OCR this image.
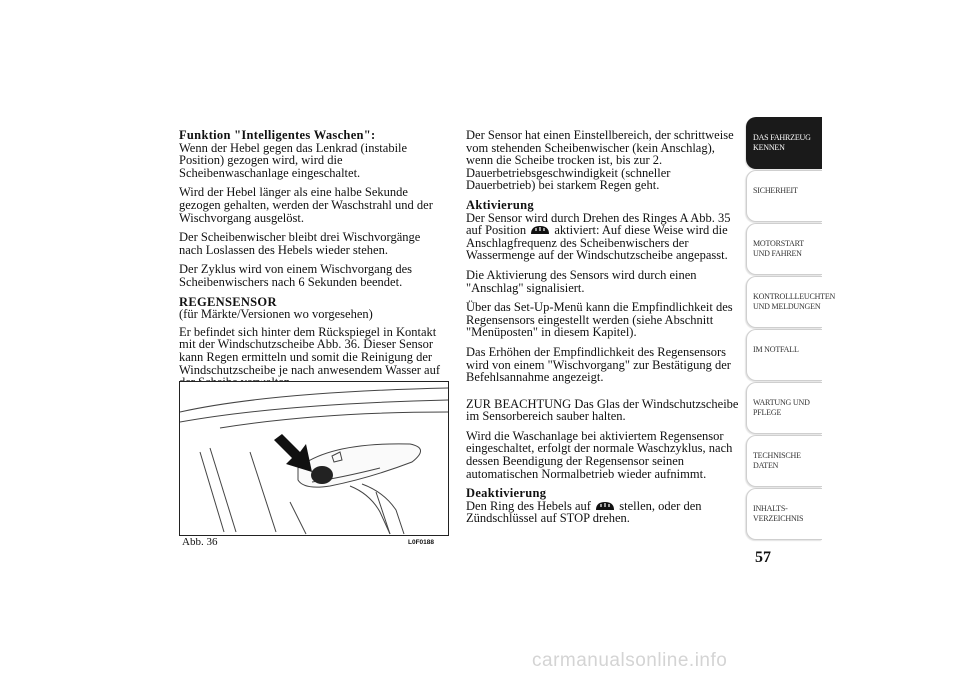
Funktion "Intelligentes Waschen":

Wenn der Hebel gegen das Lenkrad (instabile Position) gezogen wird, wird die Scheibenwaschanlage eingeschaltet.

Wird der Hebel länger als eine halbe Sekunde gezogen gehalten, werden der Waschstrahl und der Wischvorgang ausgelöst.

Der Scheibenwischer bleibt drei Wischvorgänge nach Loslassen des Hebels wieder stehen.

Der Zyklus wird von einem Wischvorgang des Scheibenwischers nach 6 Sekunden beendet.

REGENSENSOR

(für Märkte/Versionen wo vorgesehen)

Er befindet sich hinter dem Rückspiegel in Kontakt mit der Windschutzscheibe Abb. 36. Dieser Sensor kann Regen ermitteln und somit die Reinigung der Windschutzscheibe je nach anwesendem Wasser auf

Abb. 36	L0F0188

Der Sensor hat einen Einstellbereich, der schrittweise vom stehenden Scheibenwischer (kein Anschlag), wenn die Scheibe trocken ist, bis zur 2. Dauerbetriebsgeschwindigkeit (schneller Dauerbetrieb) bei starkem Regen geht.

Aktivierung

Der Sensor wird durch Drehen des Ringes A Abb. 35 auf Position aktiviert: Auf diese Weise wird die Anschlagfrequenz des Scheibenwischers der Wassermenge auf der Windschutzscheibe angepasst.

Die Aktivierung des Sensors wird durch einen "Anschlag" signalisiert.

Über das Set-Up-Menü kann die Empfindlichkeit des Regensensors eingestellt werden (siehe Abschnitt "Menüposten" in diesem Kapitel).

Das Erhöhen der Empfindlichkeit des Regensensors wird von einem "Wischvorgang" zur Bestätigung der Befehlsannahme angezeigt.

ZUR BEACHTUNG Das Glas der Windschutzscheibe im Sensorbereich sauber halten.

Wird die Waschanlage bei aktiviertem Regensensor eingeschaltet, erfolgt der normale Waschzyklus, nach dessen Beendigung der Regensensor seinen automatischen Normalbetrieb wieder aufnimmt.

Deaktivierung

Den Ring des Hebels auf stellen, oder den Zündschlüssel auf STOP drehen.

DAS FAHRZEUG KENNEN
SICHERHEIT
MOTORSTART UND FAHREN
KONTROLLLEUCHTEN UND MELDUNGEN
IM NOTFALL
WARTUNG UND PFLEGE
TECHNISCHE DATEN
INHALTS-VERZEICHNIS
57
carmanualsonline.info
